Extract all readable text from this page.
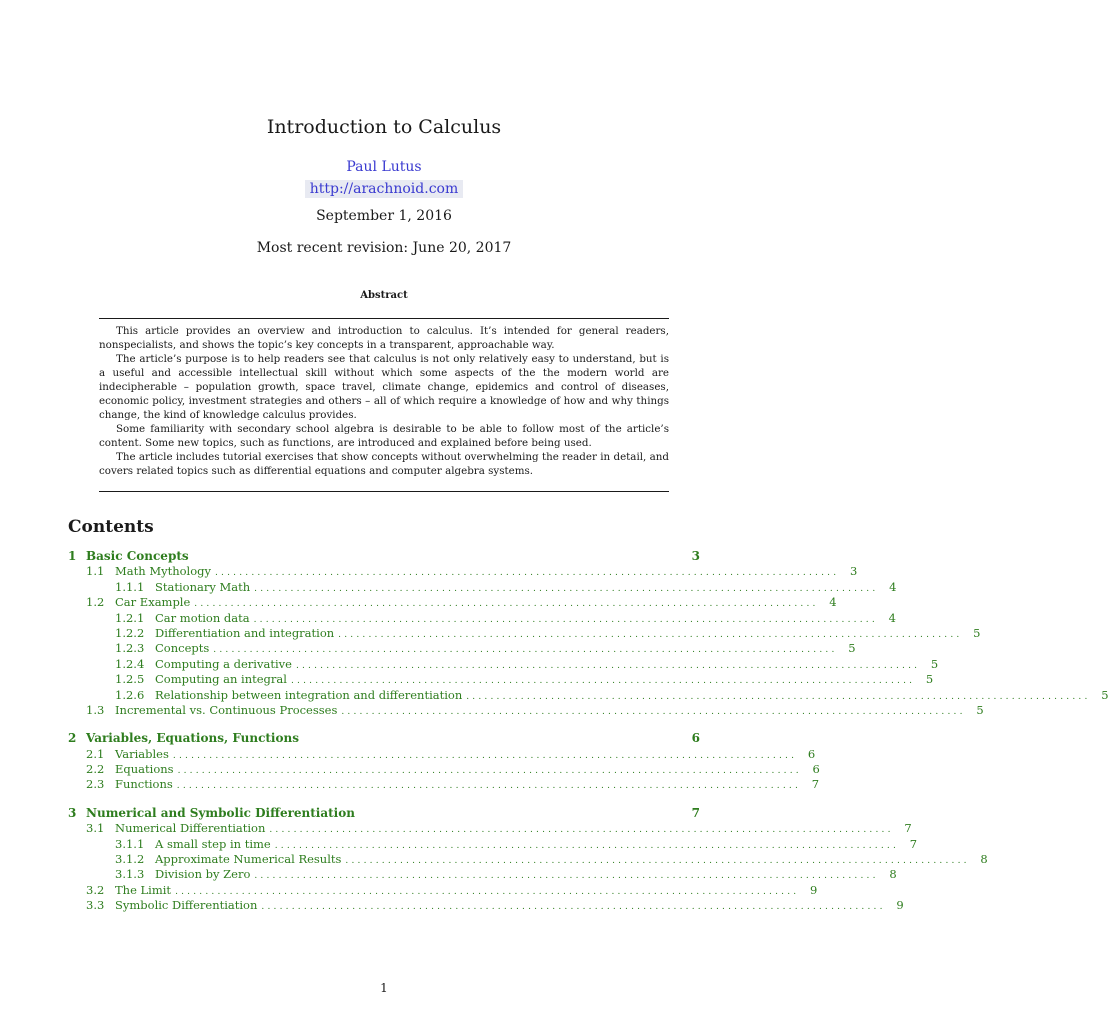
Introduction to Calculus
Paul Lutus
http://arachnoid.com
September 1, 2016
Most recent revision: June 20, 2017
Abstract

This article provides an overview and introduction to calculus. It’s intended for general readers, nonspecialists, and shows the topic’s key concepts in a transparent, approachable way.

The article’s purpose is to help readers see that calculus is not only relatively easy to understand, but is a useful and accessible intellectual skill without which some aspects of the the modern world are indecipherable – population growth, space travel, climate change, epidemics and control of diseases, economic policy, investment strategies and others – all of which require a knowledge of how and why things change, the kind of knowledge calculus provides.

Some familiarity with secondary school algebra is desirable to be able to follow most of the article’s content. Some new topics, such as functions, are introduced and explained before being used.

The article includes tutorial exercises that show concepts without overwhelming the reader in detail, and covers related topics such as differential equations and computer algebra systems.

Contents
1 Basic Concepts	3
1.1 Math Mythology ....................................................................................................... 3
1.1.1 Stationary Math ....................................................................................................... 4
1.2 Car Example ....................................................................................................... 4
1.2.1 Car motion data ....................................................................................................... 4
1.2.2 Differentiation and integration ....................................................................................................... 5
1.2.3 Concepts ....................................................................................................... 5
1.2.4 Computing a derivative ....................................................................................................... 5
1.2.5 Computing an integral ....................................................................................................... 5
1.2.6 Relationship between integration and differentiation ....................................................................................................... 5
1.3 Incremental vs. Continuous Processes ....................................................................................................... 5
2 Variables, Equations, Functions	6
2.1 Variables ....................................................................................................... 6
2.2 Equations ....................................................................................................... 6
2.3 Functions ....................................................................................................... 7
3 Numerical and Symbolic Differentiation	7
3.1 Numerical Differentiation ....................................................................................................... 7
3.1.1 A small step in time ....................................................................................................... 7
3.1.2 Approximate Numerical Results ....................................................................................................... 8
3.1.3 Division by Zero ....................................................................................................... 8
3.2 The Limit ....................................................................................................... 9
3.3 Symbolic Differentiation ....................................................................................................... 9
1
